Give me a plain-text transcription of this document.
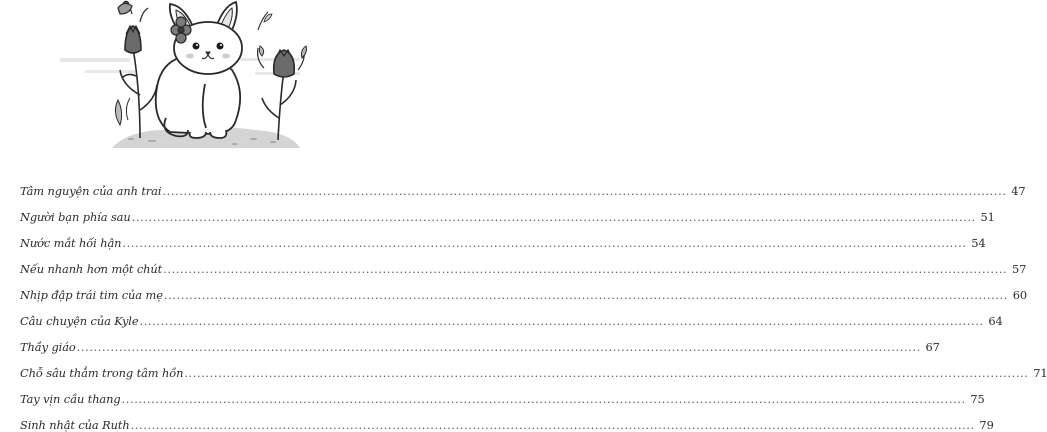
Tâm nguyện của anh trai ........................................................................................................................................................................................................ 47
Người bạn phía sau ........................................................................................................................................................................................................ 51
Nước mắt hối hận ........................................................................................................................................................................................................ 54
Nếu nhanh hơn một chút ........................................................................................................................................................................................................ 57
Nhịp đập trái tim của mẹ ........................................................................................................................................................................................................ 60
Câu chuyện của Kyle ........................................................................................................................................................................................................ 64
Thầy giáo ........................................................................................................................................................................................................ 67
Chỗ sâu thẳm trong tâm hồn ........................................................................................................................................................................................................ 71
Tay vịn cầu thang ........................................................................................................................................................................................................ 75
Sinh nhật của Ruth ........................................................................................................................................................................................................ 79
